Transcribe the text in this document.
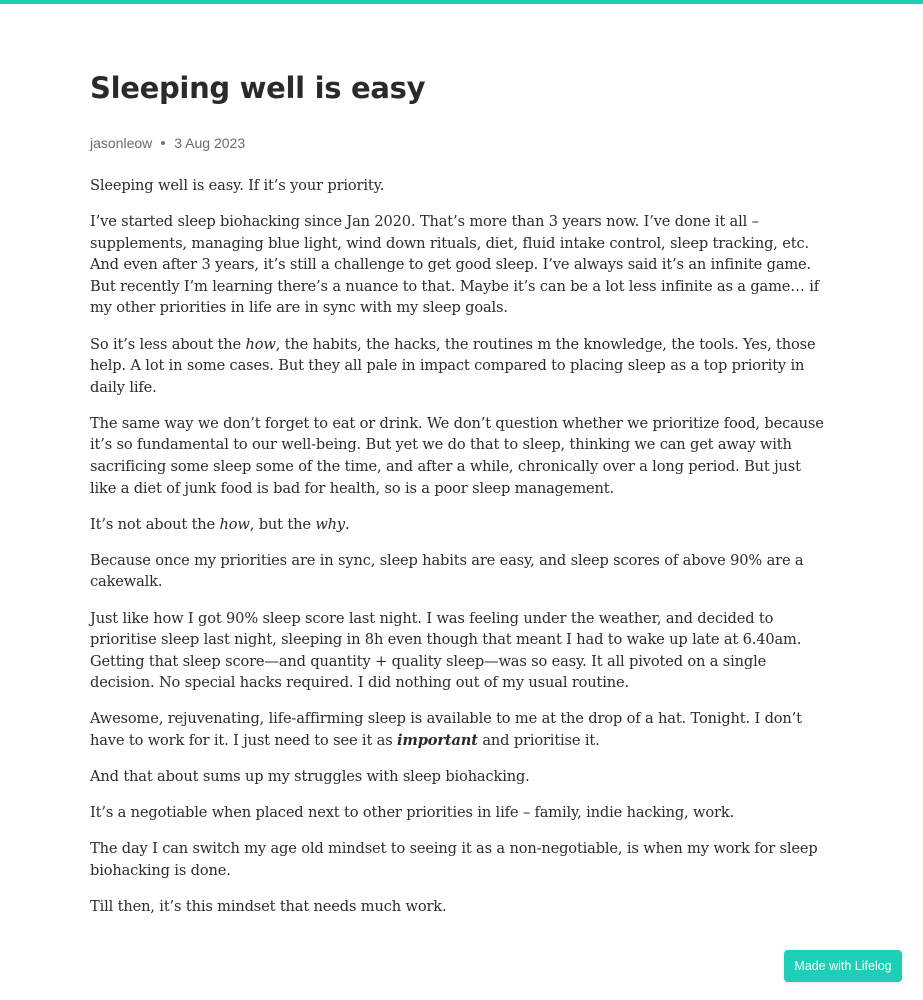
Sleeping well is easy
jasonleow 3 Aug 2023

Sleeping well is easy. If it’s your priority.

I’ve started sleep biohacking since Jan 2020. That’s more than 3 years now. I’ve done it all – supplements, managing blue light, wind down rituals, diet, fluid intake control, sleep tracking, etc. And even after 3 years, it’s still a challenge to get good sleep. I’ve always said it’s an infinite game. But recently I’m learning there’s a nuance to that. Maybe it’s can be a lot less infinite as a game… if my other priorities in life are in sync with my sleep goals.

So it’s less about the how, the habits, the hacks, the routines m the knowledge, the tools. Yes, those help. A lot in some cases. But they all pale in impact compared to placing sleep as a top priority in daily life.

The same way we don’t forget to eat or drink. We don’t question whether we prioritize food, because it’s so fundamental to our well-being. But yet we do that to sleep, thinking we can get away with sacrificing some sleep some of the time, and after a while, chronically over a long period. But just like a diet of junk food is bad for health, so is a poor sleep management.

It’s not about the how, but the why.

Because once my priorities are in sync, sleep habits are easy, and sleep scores of above 90% are a cakewalk.

Just like how I got 90% sleep score last night. I was feeling under the weather, and decided to prioritise sleep last night, sleeping in 8h even though that meant I had to wake up late at 6.40am. Getting that sleep score—and quantity + quality sleep—was so easy. It all pivoted on a single decision. No special hacks required. I did nothing out of my usual routine.

Awesome, rejuvenating, life-affirming sleep is available to me at the drop of a hat. Tonight. I don’t have to work for it. I just need to see it as important and prioritise it.

And that about sums up my struggles with sleep biohacking.

It’s a negotiable when placed next to other priorities in life – family, indie hacking, work.

The day I can switch my age old mindset to seeing it as a non-negotiable, is when my work for sleep biohacking is done.

Till then, it’s this mindset that needs much work.

Made with Lifelog
